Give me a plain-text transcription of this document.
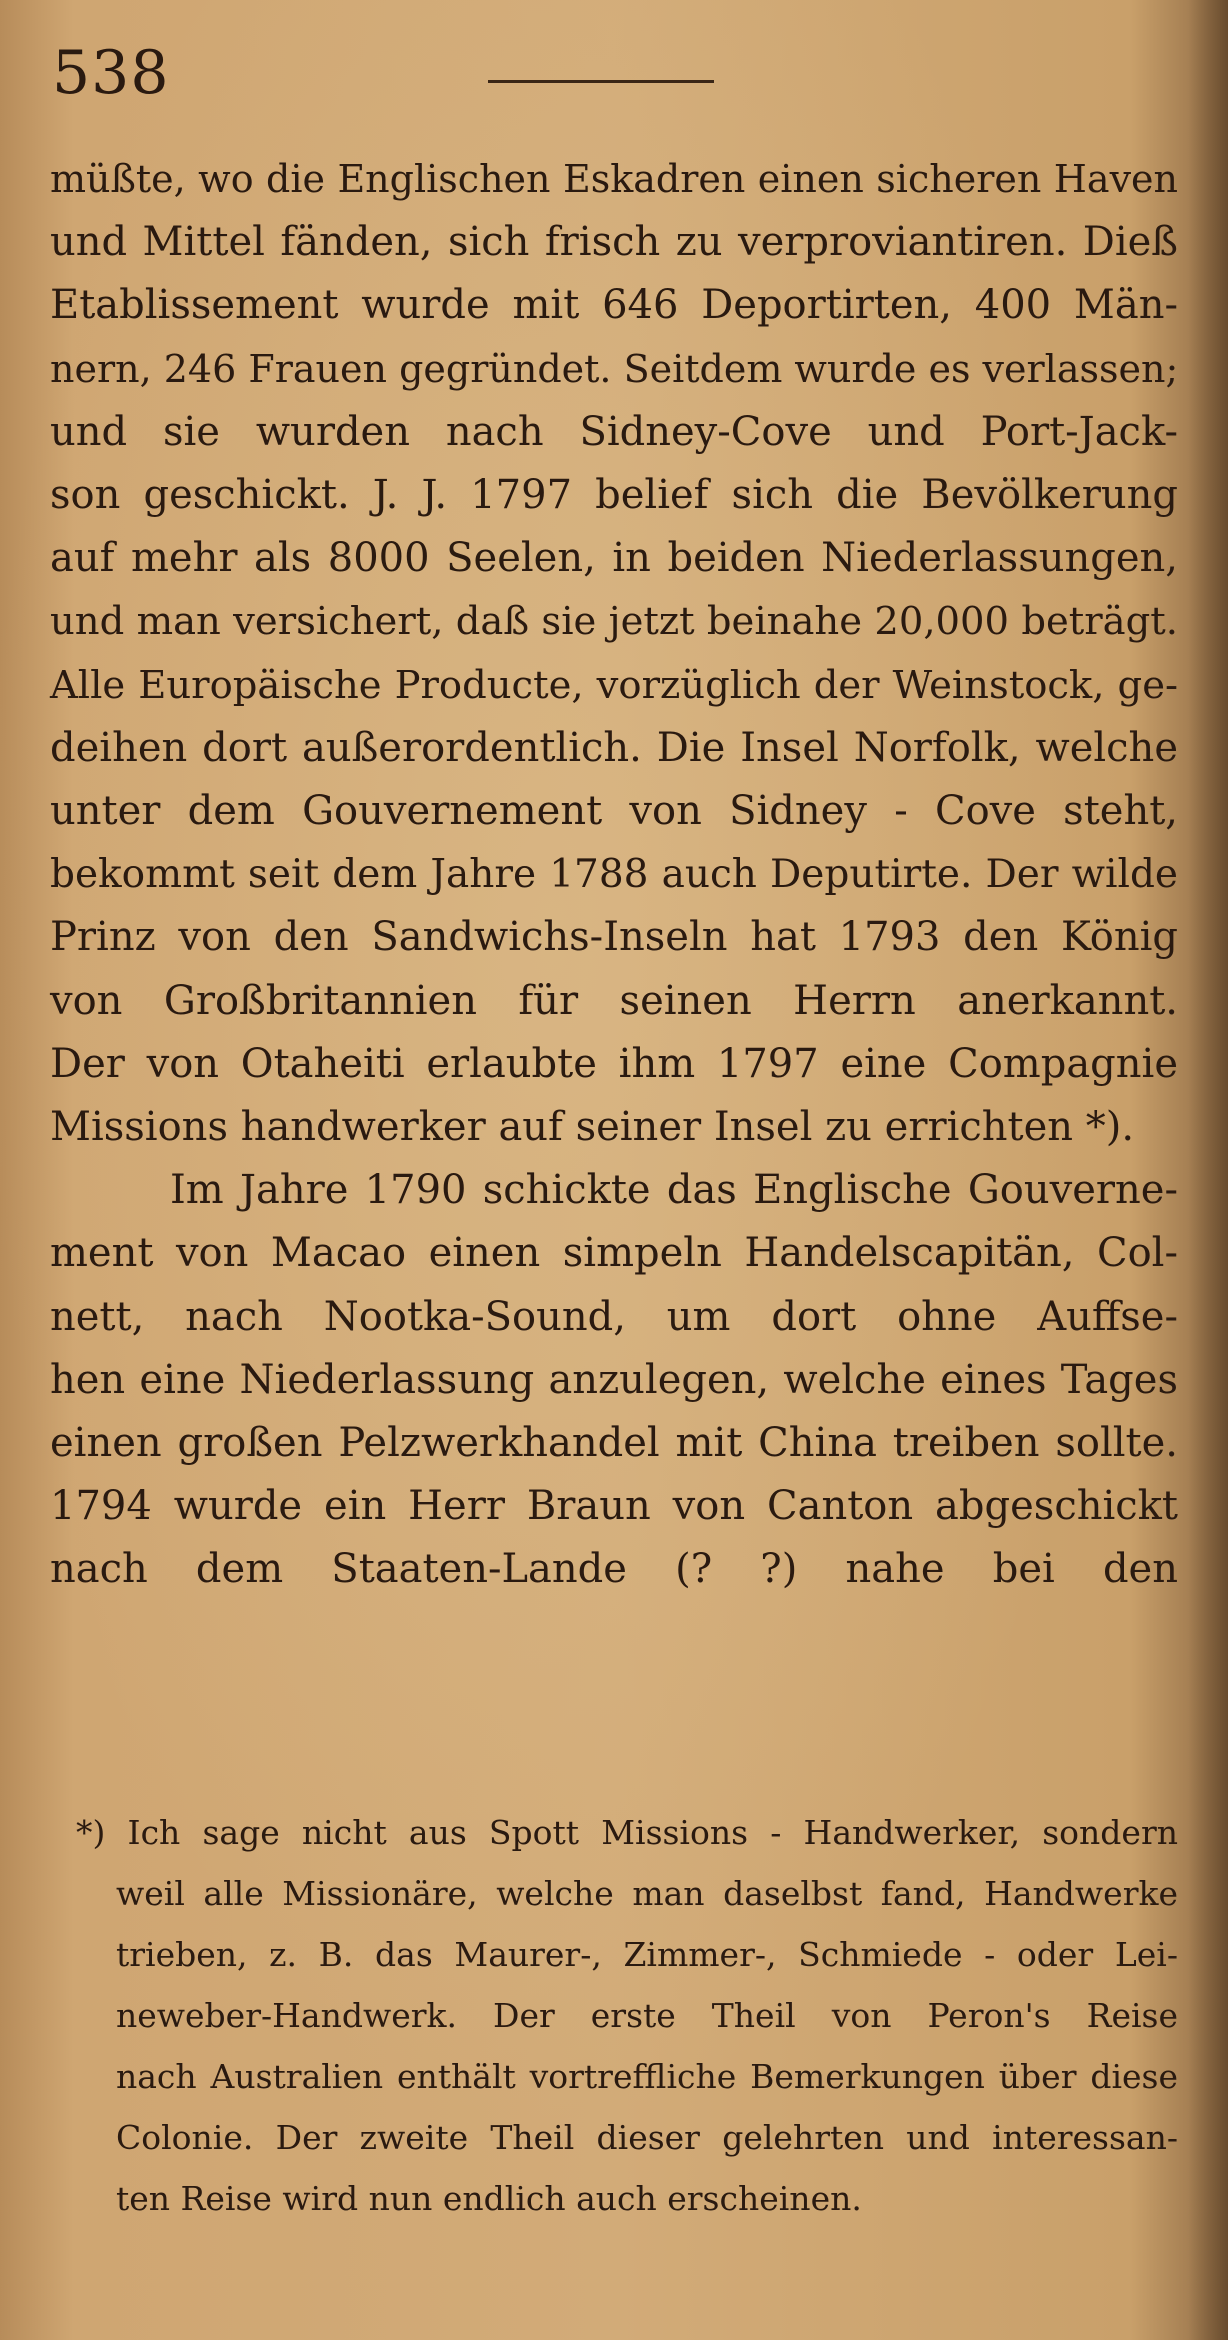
538
müßte, wo die Englischen Eskadren einen sicheren Haven
und Mittel fänden, sich frisch zu verproviantiren. Dieß
Etablissement wurde mit 646 Deportirten, 400 Män-
nern, 246 Frauen gegründet. Seitdem wurde es verlassen;
und sie wurden nach Sidney-Cove und Port-Jack-
son geschickt. J. J. 1797 belief sich die Bevölkerung
auf mehr als 8000 Seelen, in beiden Niederlassungen,
und man versichert, daß sie jetzt beinahe 20,000 beträgt.
Alle Europäische Producte, vorzüglich der Weinstock, ge-
deihen dort außerordentlich. Die Insel Norfolk, welche
unter dem Gouvernement von Sidney - Cove steht,
bekommt seit dem Jahre 1788 auch Deputirte. Der wilde
Prinz von den Sandwichs-Inseln hat 1793 den König
von Großbritannien für seinen Herrn anerkannt.
Der von Otaheiti erlaubte ihm 1797 eine Compagnie
Missions handwerker auf seiner Insel zu errichten *).
Im Jahre 1790 schickte das Englische Gouverne-
ment von Macao einen simpeln Handelscapitän, Col-
nett, nach Nootka-Sound, um dort ohne Auffse-
hen eine Niederlassung anzulegen, welche eines Tages
einen großen Pelzwerkhandel mit China treiben sollte.
1794 wurde ein Herr Braun von Canton abgeschickt
nach dem Staaten-Lande (? ?) nahe bei den
*) Ich sage nicht aus Spott Missions - Handwerker, sondern
weil alle Missionäre, welche man daselbst fand, Handwerke
trieben, z. B. das Maurer-, Zimmer-, Schmiede - oder Lei-
neweber-Handwerk. Der erste Theil von Peron's Reise
nach Australien enthält vortreffliche Bemerkungen über diese
Colonie. Der zweite Theil dieser gelehrten und interessan-
ten Reise wird nun endlich auch erscheinen.
